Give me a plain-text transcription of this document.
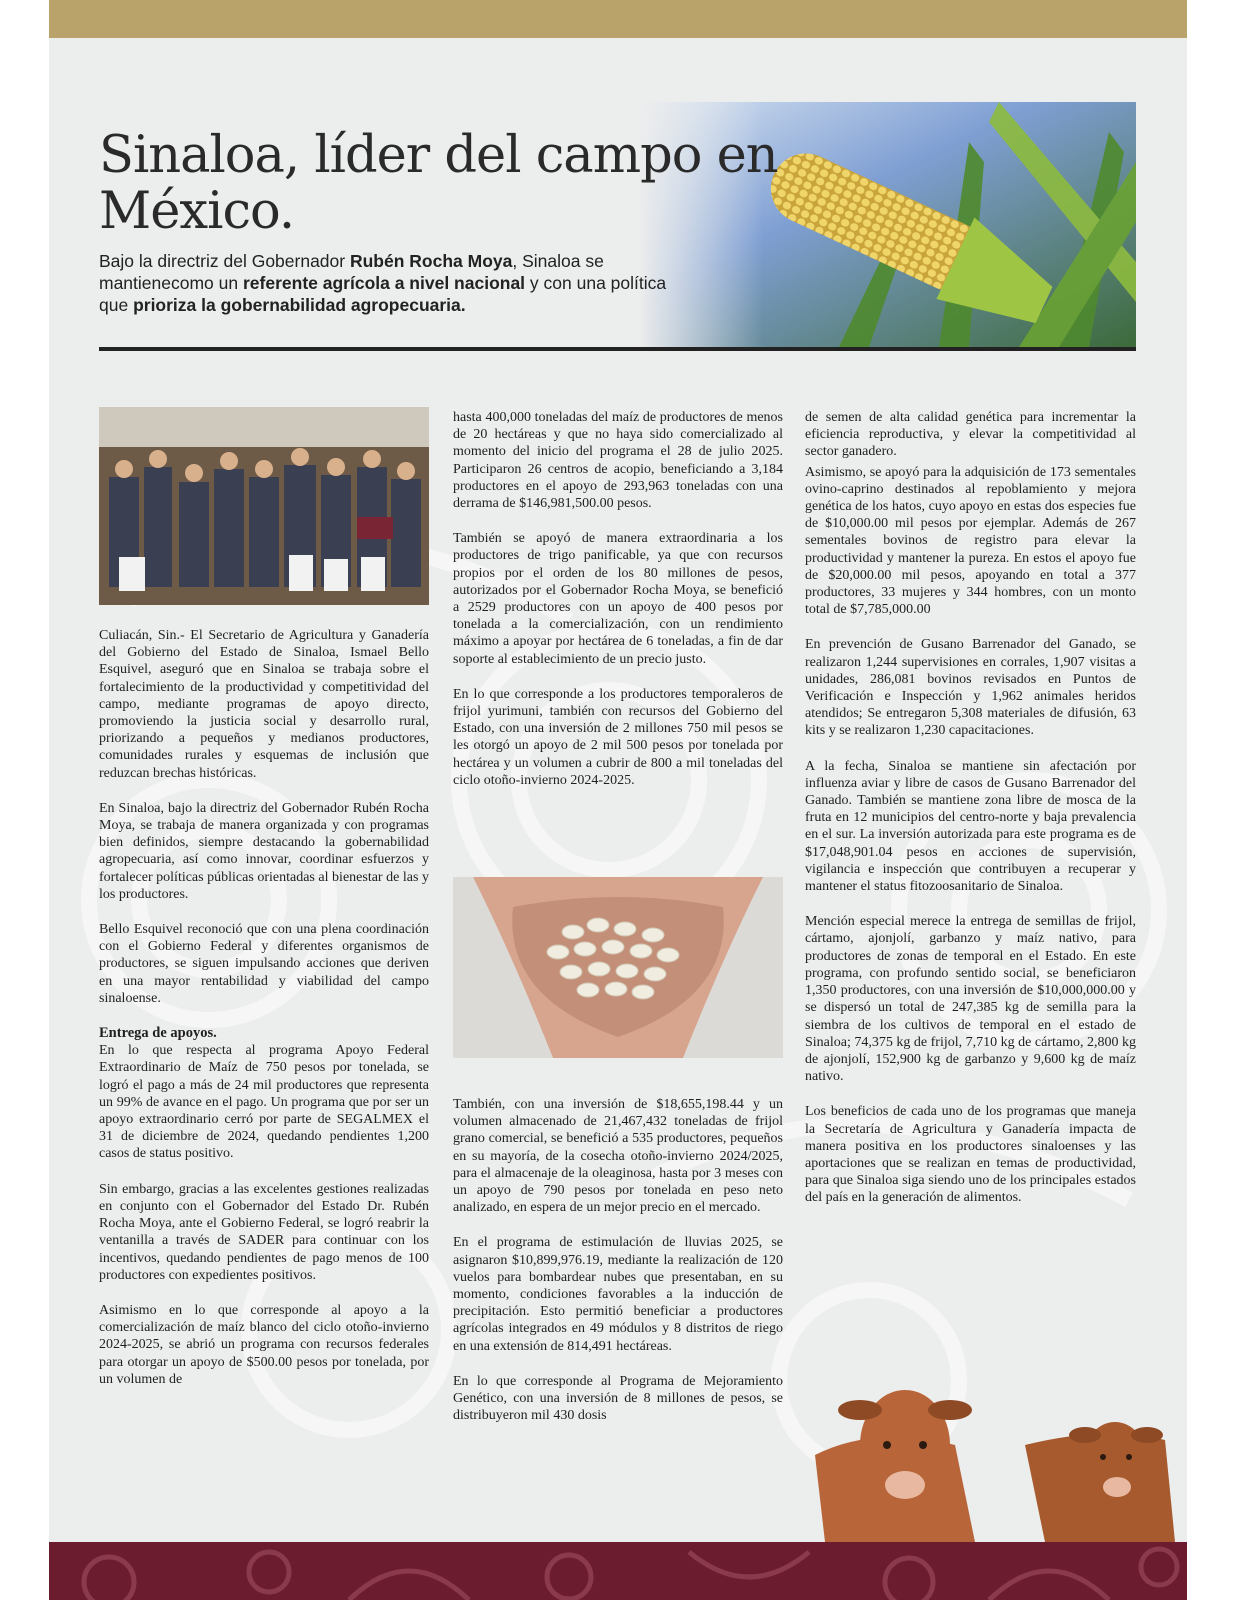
Sinaloa, líder del campo en México.

Bajo la directriz del Gobernador Rubén Rocha Moya, Sinaloa se mantienecomo un referente agrícola a nivel nacional y con una política que prioriza la gobernabilidad agropecuaria.

Culiacán, Sin.- El Secretario de Agricultura y Ganadería del Gobierno del Estado de Sinaloa, Ismael Bello Esquivel, aseguró que en Sinaloa se trabaja sobre el fortalecimiento de la productividad y competitividad del campo, mediante programas de apoyo directo, promoviendo la justicia social y desarrollo rural, priorizando a pequeños y medianos productores, comunidades rurales y esquemas de inclusión que reduzcan brechas históricas.

En Sinaloa, bajo la directriz del Gobernador Rubén Rocha Moya, se trabaja de manera organizada y con programas bien definidos, siempre destacando la gobernabilidad agropecuaria, así como innovar, coordinar esfuerzos y fortalecer políticas públicas orientadas al bienestar de las y los productores.

Bello Esquivel reconoció que con una plena coordinación con el Gobierno Federal y diferentes organismos de productores, se siguen impulsando acciones que deriven en una mayor rentabilidad y viabilidad del campo sinaloense.

Entrega de apoyos.

En lo que respecta al programa Apoyo Federal Extraordinario de Maíz de 750 pesos por tonelada, se logró el pago a más de 24 mil productores que representa un 99% de avance en el pago. Un programa que por ser un apoyo extraordinario cerró por parte de SEGALMEX el 31 de diciembre de 2024, quedando pendientes 1,200 casos de status positivo.

Sin embargo, gracias a las excelentes gestiones realizadas en conjunto con el Gobernador del Estado Dr. Rubén Rocha Moya, ante el Gobierno Federal, se logró reabrir la ventanilla a través de SADER para continuar con los incentivos, quedando pendientes de pago menos de 100 productores con expedientes positivos.

Asimismo en lo que corresponde al apoyo a la comercialización de maíz blanco del ciclo otoño-invierno 2024-2025, se abrió un programa con recursos federales para otorgar un apoyo de $500.00 pesos por tonelada, por un volumen de

hasta 400,000 toneladas del maíz de productores de menos de 20 hectáreas y que no haya sido comercializado al momento del inicio del programa el 28 de julio 2025. Participaron 26 centros de acopio, beneficiando a 3,184 productores en el apoyo de 293,963 toneladas con una derrama de $146,981,500.00 pesos.

También se apoyó de manera extraordinaria a los productores de trigo panificable, ya que con recursos propios por el orden de los 80 millones de pesos, autorizados por el Gobernador Rocha Moya, se benefició a 2529 productores con un apoyo de 400 pesos por tonelada a la comercialización, con un rendimiento máximo a apoyar por hectárea de 6 toneladas, a fin de dar soporte al establecimiento de un precio justo.

En lo que corresponde a los productores temporaleros de frijol yurimuni, también con recursos del Gobierno del Estado, con una inversión de 2 millones 750 mil pesos se les otorgó un apoyo de 2 mil 500 pesos por tonelada por hectárea y un volumen a cubrir de 800 a mil toneladas del ciclo otoño-invierno 2024-2025.

También, con una inversión de $18,655,198.44 y un volumen almacenado de 21,467,432 toneladas de frijol grano comercial, se benefició a 535 productores, pequeños en su mayoría, de la cosecha otoño-invierno 2024/2025, para el almacenaje de la oleaginosa, hasta por 3 meses con un apoyo de 790 pesos por tonelada en peso neto analizado, en espera de un mejor precio en el mercado.

En el programa de estimulación de lluvias 2025, se asignaron $10,899,976.19, mediante la realización de 120 vuelos para bombardear nubes que presentaban, en su momento, condiciones favorables a la inducción de precipitación. Esto permitió beneficiar a productores agrícolas integrados en 49 módulos y 8 distritos de riego en una extensión de 814,491 hectáreas.

En lo que corresponde al Programa de Mejoramiento Genético, con una inversión de 8 millones de pesos, se distribuyeron mil 430 dosis

de semen de alta calidad genética para incrementar la eficiencia reproductiva, y elevar la competitividad al sector ganadero.

Asimismo, se apoyó para la adquisición de 173 sementales ovino-caprino destinados al repoblamiento y mejora genética de los hatos, cuyo apoyo en estas dos especies fue de $10,000.00 mil pesos por ejemplar. Además de 267 sementales bovinos de registro para elevar la productividad y mantener la pureza. En estos el apoyo fue de $20,000.00 mil pesos, apoyando en total a 377 productores, 33 mujeres y 344 hombres, con un monto total de $7,785,000.00

En prevención de Gusano Barrenador del Ganado, se realizaron 1,244 supervisiones en corrales, 1,907 visitas a unidades, 286,081 bovinos revisados en Puntos de Verificación e Inspección y 1,962 animales heridos atendidos; Se entregaron 5,308 materiales de difusión, 63 kits y se realizaron 1,230 capacitaciones.

A la fecha, Sinaloa se mantiene sin afectación por influenza aviar y libre de casos de Gusano Barrenador del Ganado. También se mantiene zona libre de mosca de la fruta en 12 municipios del centro-norte y baja prevalencia en el sur. La inversión autorizada para este programa es de $17,048,901.04 pesos en acciones de supervisión, vigilancia e inspección que contribuyen a recuperar y mantener el status fitozoosanitario de Sinaloa.

Mención especial merece la entrega de semillas de frijol, cártamo, ajonjolí, garbanzo y maíz nativo, para productores de zonas de temporal en el Estado. En este programa, con profundo sentido social, se beneficiaron 1,350 productores, con una inversión de $10,000,000.00 y se dispersó un total de 247,385 kg de semilla para la siembra de los cultivos de temporal en el estado de Sinaloa; 74,375 kg de frijol, 7,710 kg de cártamo, 2,800 kg de ajonjolí, 152,900 kg de garbanzo y 9,600 kg de maíz nativo.

Los beneficios de cada uno de los programas que maneja la Secretaría de Agricultura y Ganadería impacta de manera positiva en los productores sinaloenses y las aportaciones que se realizan en temas de productividad, para que Sinaloa siga siendo uno de los principales estados del país en la generación de alimentos.
